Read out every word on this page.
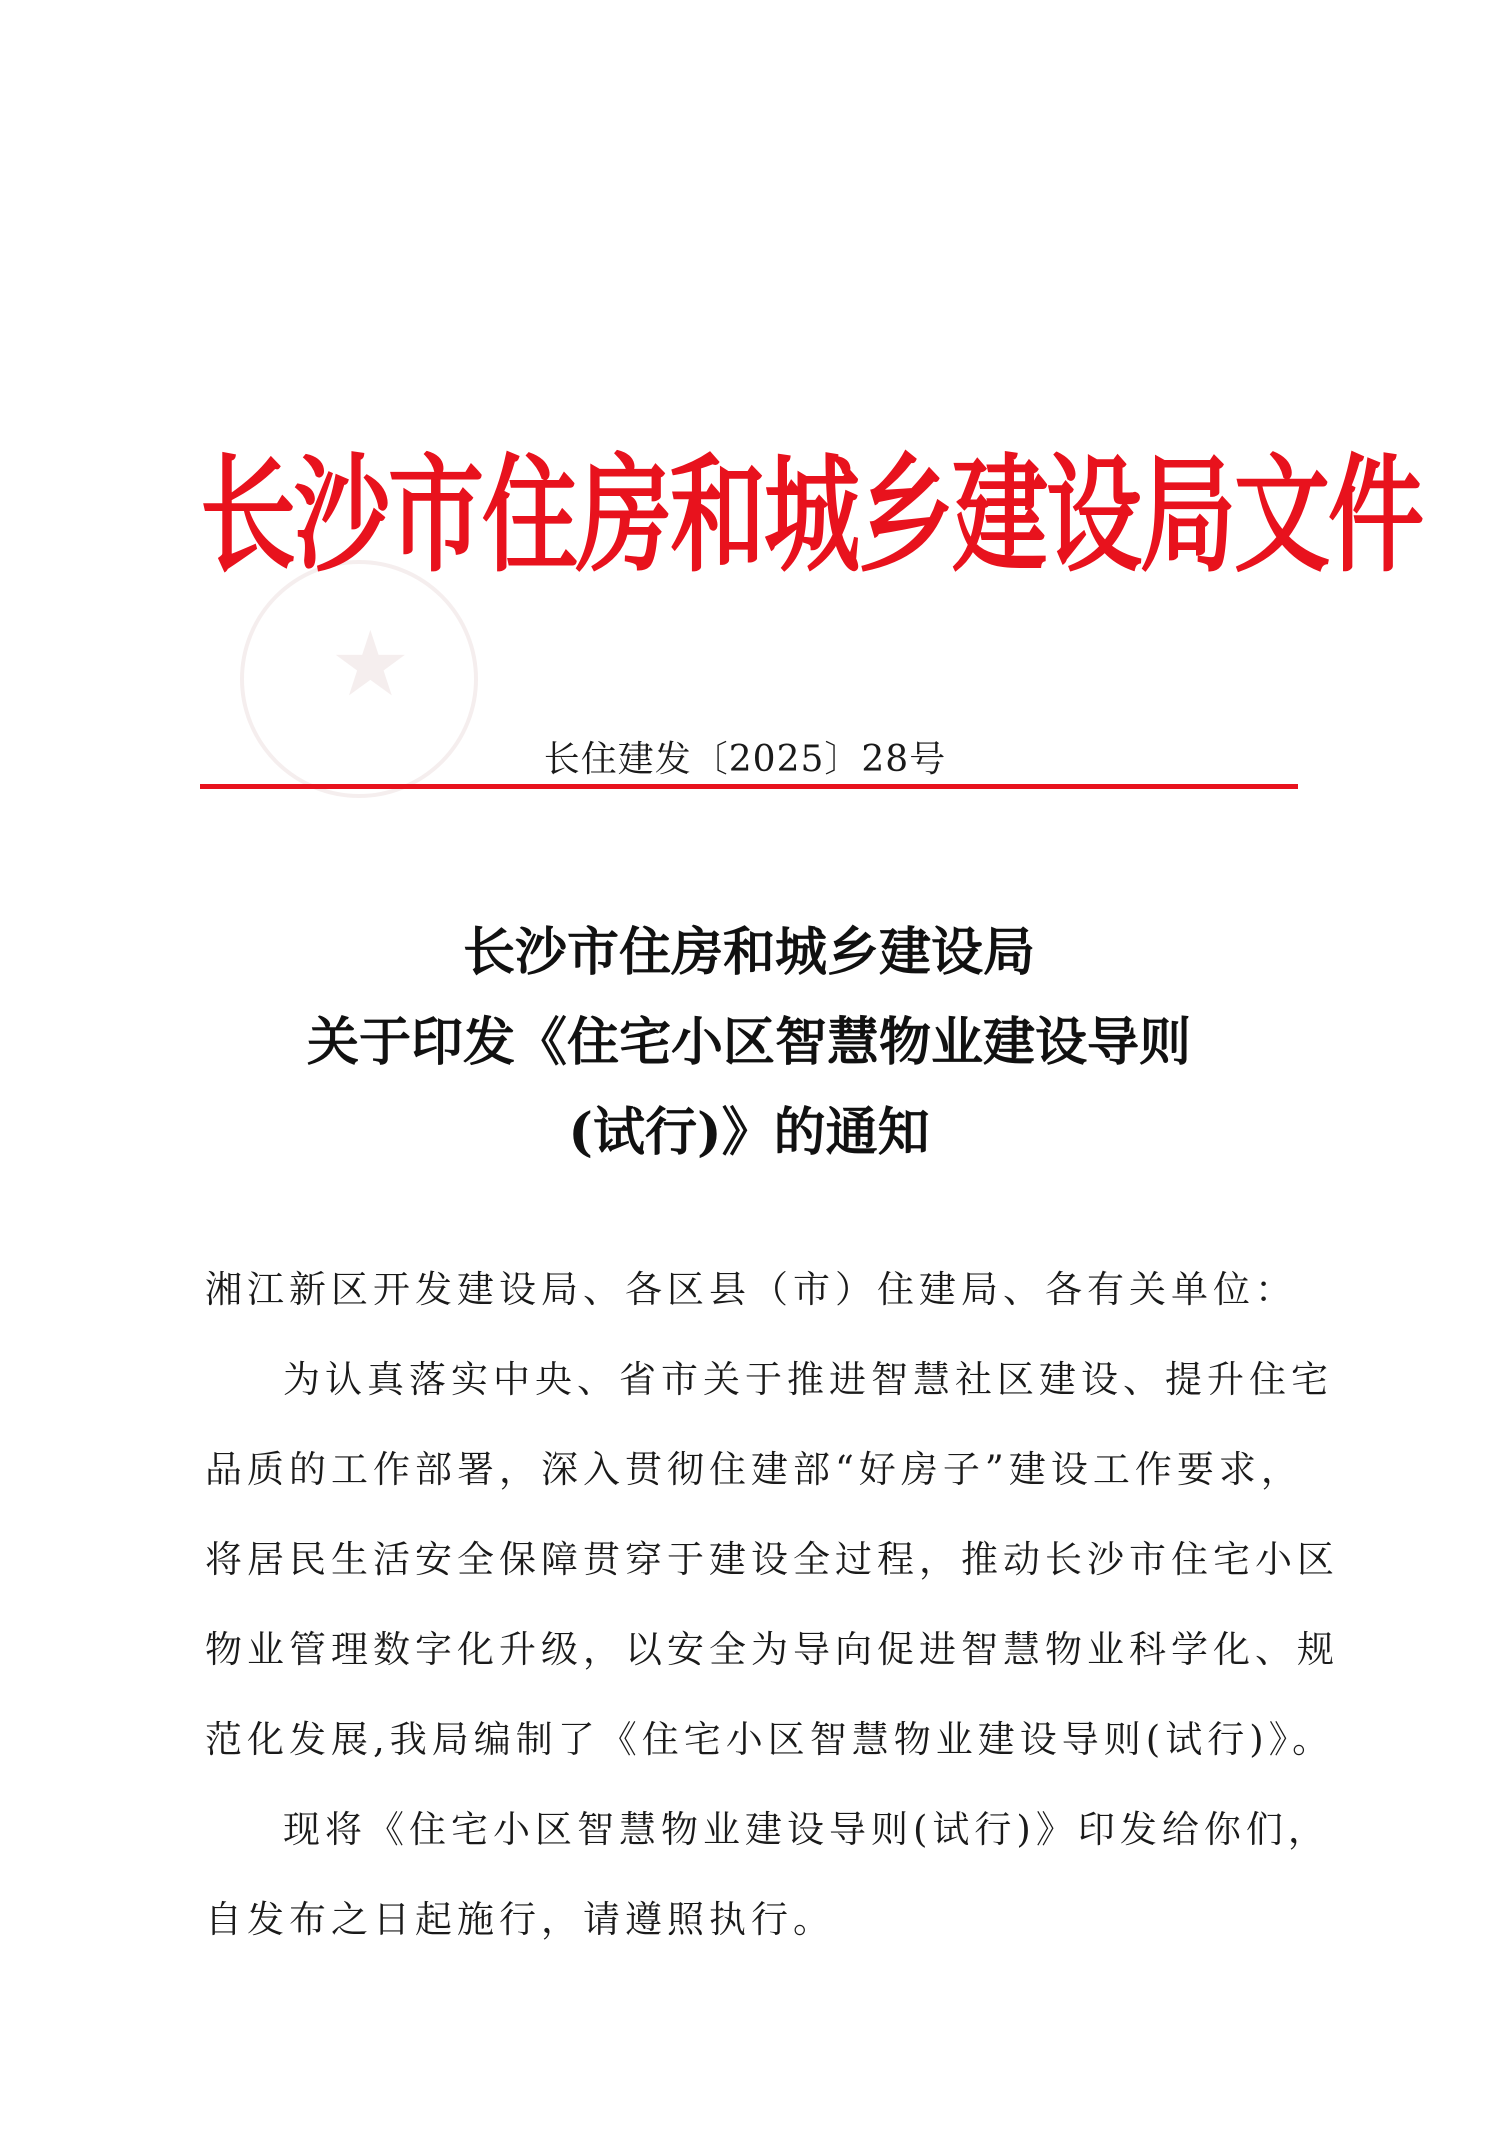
★
长沙市住房和城乡建设局文件
长住建发〔2025〕28号
长沙市住房和城乡建设局
关于印发《住宅小区智慧物业建设导则
(试行)》的通知
湘江新区开发建设局、各区县（市）住建局、各有关单位：
为认真落实中央、省市关于推进智慧社区建设、提升住宅
品质的工作部署，深入贯彻住建部“好房子”建设工作要求，
将居民生活安全保障贯穿于建设全过程，推动长沙市住宅小区
物业管理数字化升级，以安全为导向促进智慧物业科学化、规
范化发展,我局编制了《住宅小区智慧物业建设导则(试行)》。
现将《住宅小区智慧物业建设导则(试行)》印发给你们，
自发布之日起施行，请遵照执行。
